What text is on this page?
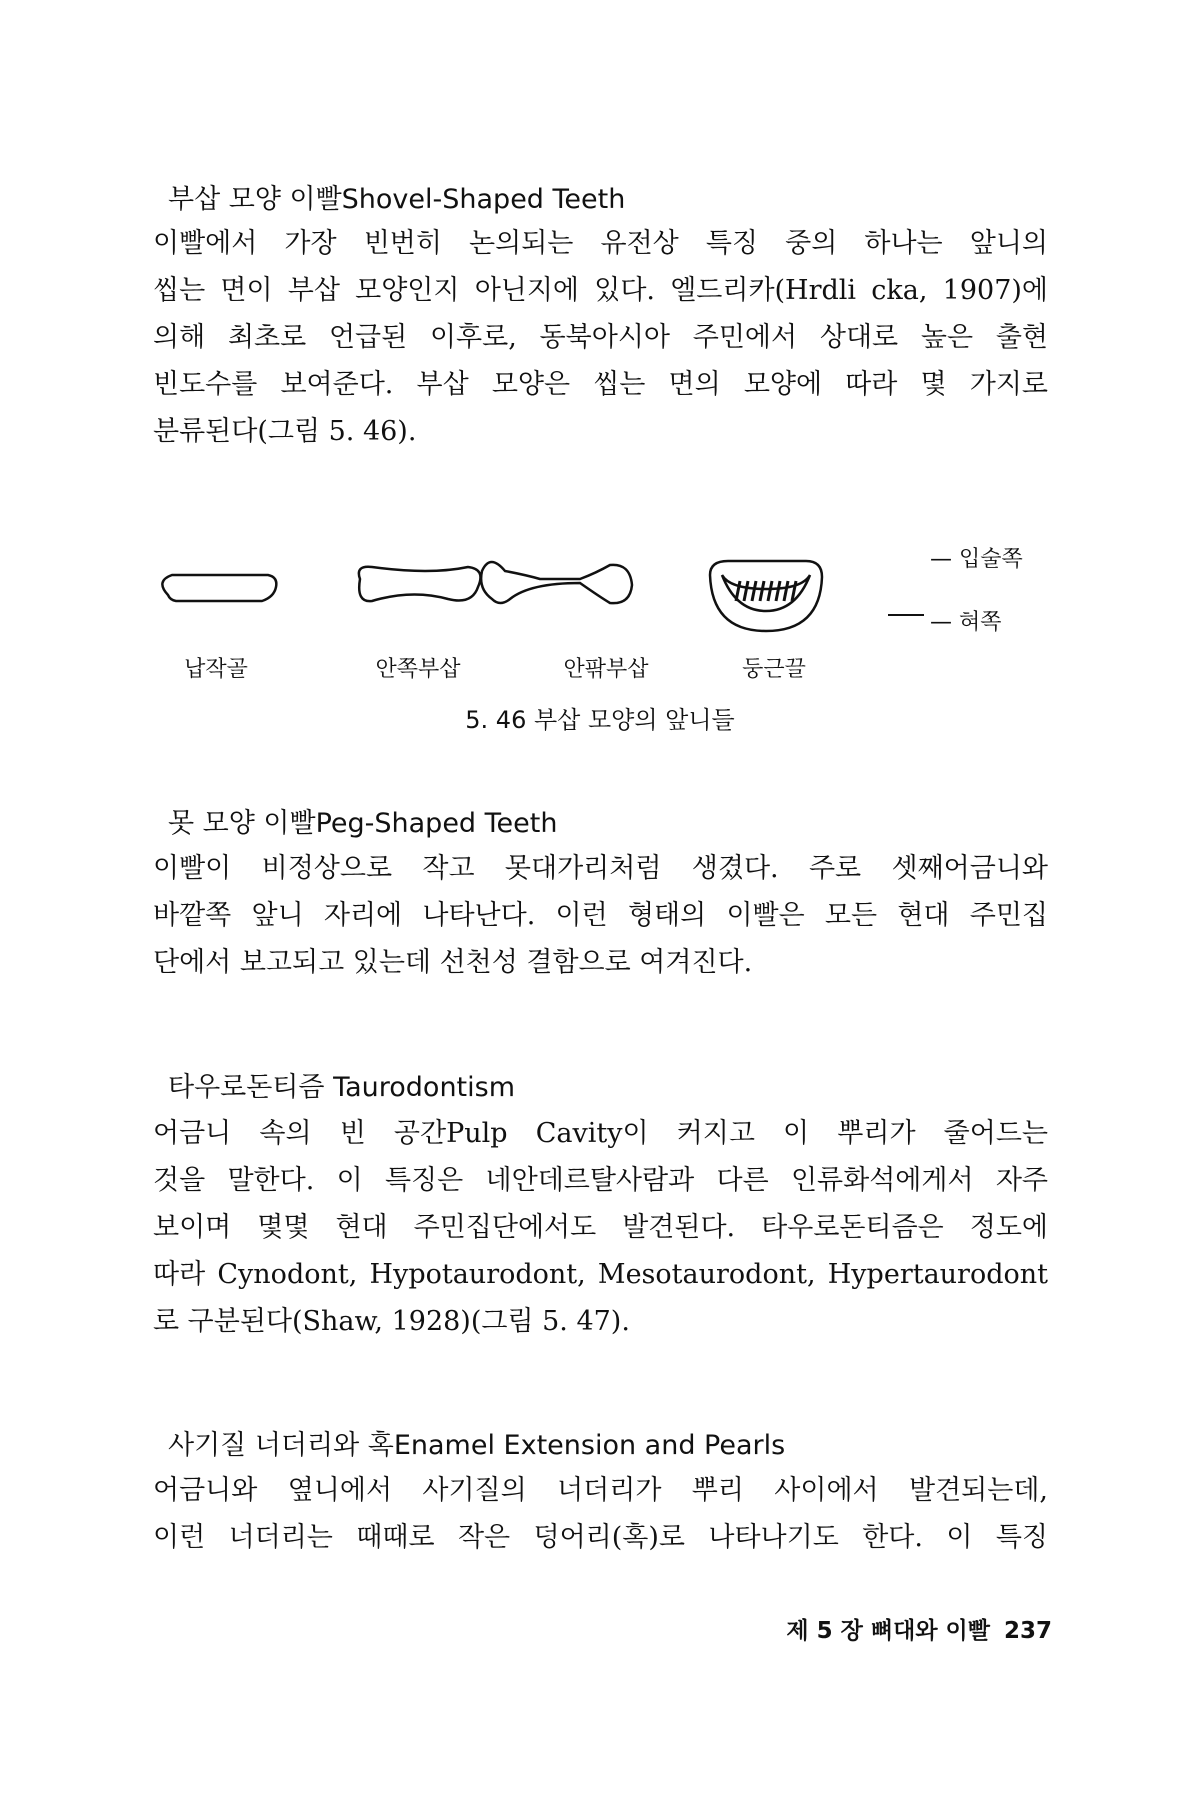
부삽 모양 이빨Shovel-Shaped Teeth
이빨에서 가장 빈번히 논의되는 유전상 특징 중의 하나는 앞니의
씹는 면이 부삽 모양인지 아닌지에 있다. 엘드리카(Hrdli cka, 1907)에
의해 최초로 언급된 이후로, 동북아시아 주민에서 상대로 높은 출현
빈도수를 보여준다. 부삽 모양은 씹는 면의 모양에 따라 몇 가지로
분류된다(그림 5. 46).
— 입술쪽
— 혀쪽
납작골	안쪽부삽	안팎부삽	둥근끌
5. 46 부삽 모양의 앞니들
못 모양 이빨Peg-Shaped Teeth
이빨이 비정상으로 작고 못대가리처럼 생겼다. 주로 셋째어금니와
바깥쪽 앞니 자리에 나타난다. 이런 형태의 이빨은 모든 현대 주민집
단에서 보고되고 있는데 선천성 결함으로 여겨진다.
타우로돈티즘 Taurodontism
어금니 속의 빈 공간Pulp Cavity이 커지고 이 뿌리가 줄어드는
것을 말한다. 이 특징은 네안데르탈사람과 다른 인류화석에게서 자주
보이며 몇몇 현대 주민집단에서도 발견된다. 타우로돈티즘은 정도에
따라 Cynodont, Hypotaurodont, Mesotaurodont, Hypertaurodont
로 구분된다(Shaw, 1928)(그림 5. 47).
사기질 너더리와 혹Enamel Extension and Pearls
어금니와 옆니에서 사기질의 너더리가 뿌리 사이에서 발견되는데,
이런 너더리는 때때로 작은 덩어리(혹)로 나타나기도 한다. 이 특징
제 5 장 뼈대와 이빨 237
